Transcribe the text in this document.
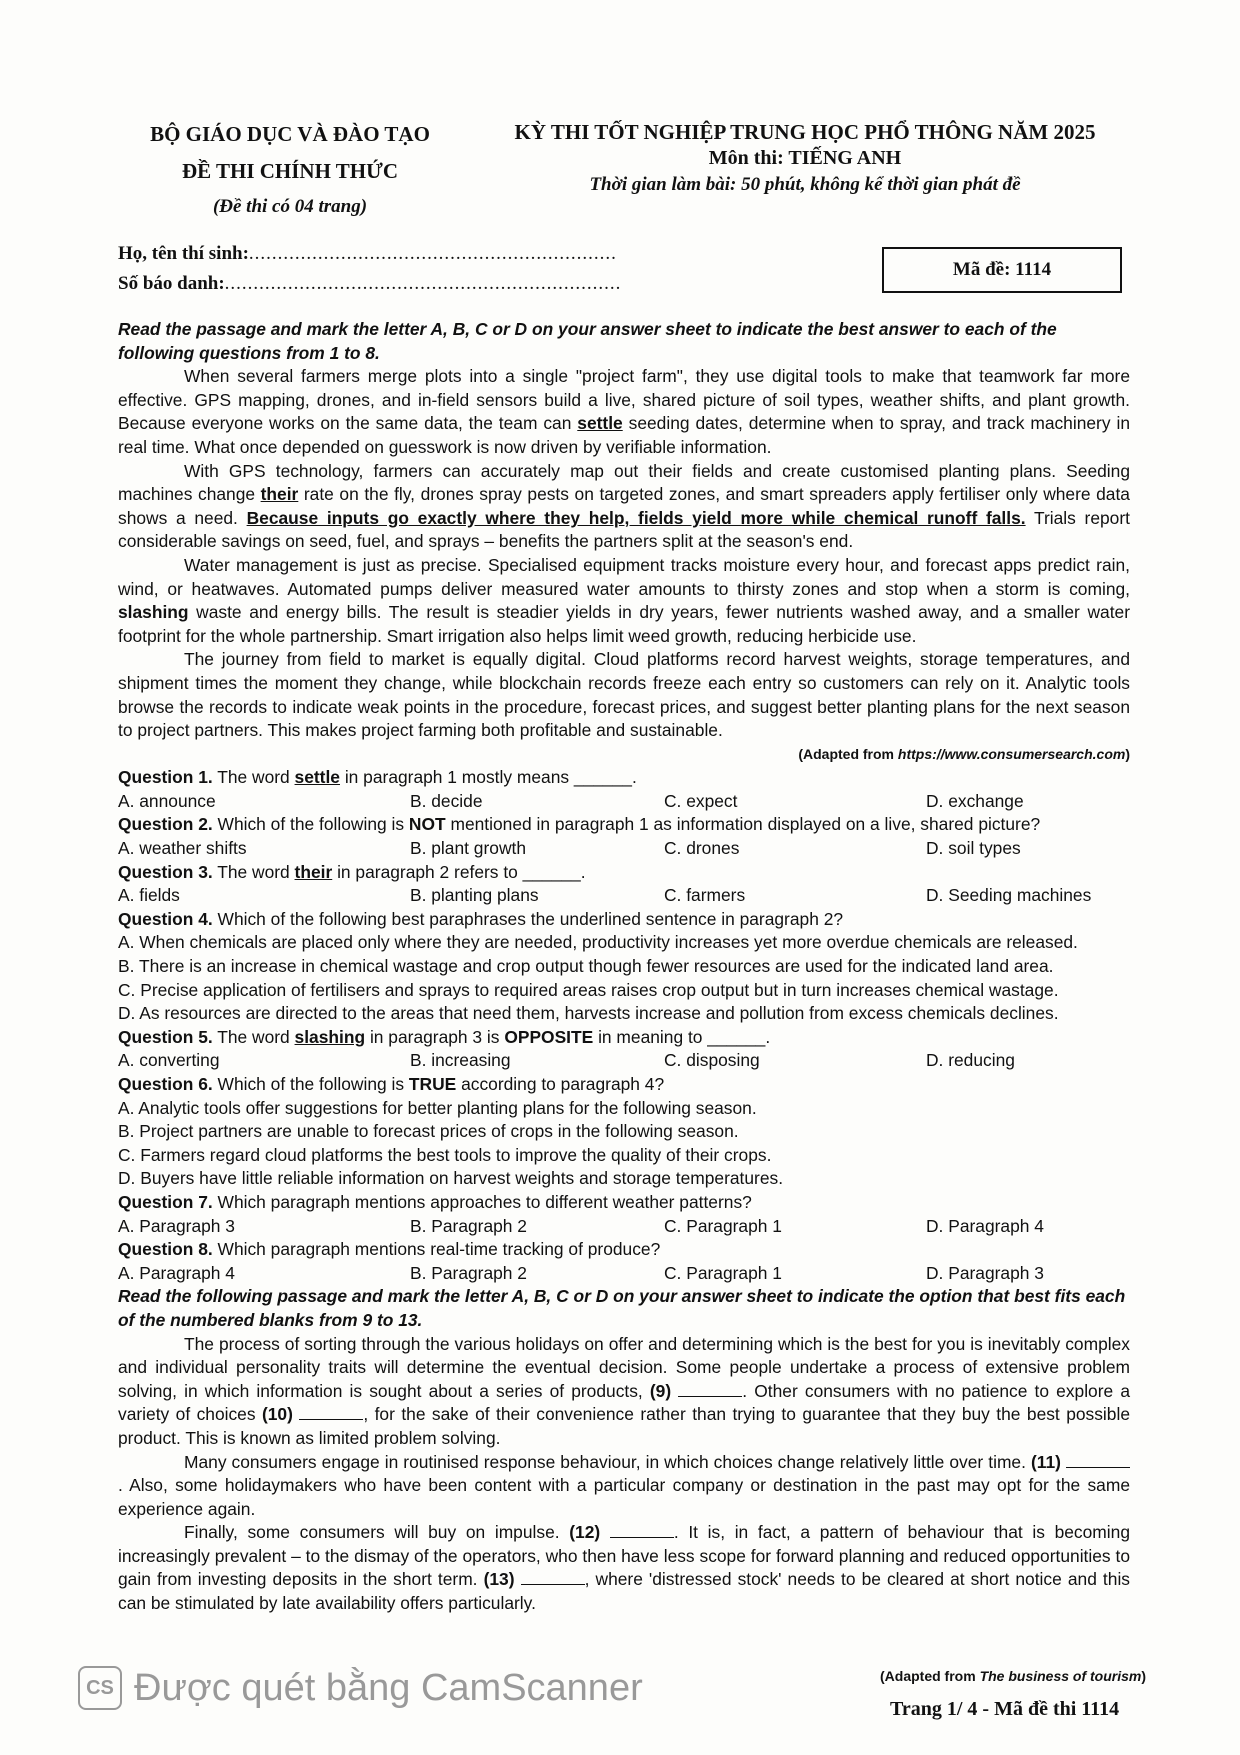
BỘ GIÁO DỤC VÀ ĐÀO TẠO
ĐỀ THI CHÍNH THỨC
(Đề thi có 04 trang)
KỲ THI TỐT NGHIỆP TRUNG HỌC PHỔ THÔNG NĂM 2025
Môn thi: TIẾNG ANH
Thời gian làm bài: 50 phút, không kể thời gian phát đề
Họ, tên thí sinh:................................................................
Số báo danh:.....................................................................
Mã đề: 1114

Read the passage and mark the letter A, B, C or D on your answer sheet to indicate the best answer to each of the following questions from 1 to 8.

When several farmers merge plots into a single "project farm", they use digital tools to make that teamwork far more effective. GPS mapping, drones, and in-field sensors build a live, shared picture of soil types, weather shifts, and plant growth. Because everyone works on the same data, the team can settle seeding dates, determine when to spray, and track machinery in real time. What once depended on guesswork is now driven by verifiable information.

With GPS technology, farmers can accurately map out their fields and create customised planting plans. Seeding machines change their rate on the fly, drones spray pests on targeted zones, and smart spreaders apply fertiliser only where data shows a need. Because inputs go exactly where they help, fields yield more while chemical runoff falls. Trials report considerable savings on seed, fuel, and sprays – benefits the partners split at the season's end.

Water management is just as precise. Specialised equipment tracks moisture every hour, and forecast apps predict rain, wind, or heatwaves. Automated pumps deliver measured water amounts to thirsty zones and stop when a storm is coming, slashing waste and energy bills. The result is steadier yields in dry years, fewer nutrients washed away, and a smaller water footprint for the whole partnership. Smart irrigation also helps limit weed growth, reducing herbicide use.

The journey from field to market is equally digital. Cloud platforms record harvest weights, storage temperatures, and shipment times the moment they change, while blockchain records freeze each entry so customers can rely on it. Analytic tools browse the records to indicate weak points in the procedure, forecast prices, and suggest better planting plans for the next season to project partners. This makes project farming both profitable and sustainable.

(Adapted from https://www.consumersearch.com)

Question 1. The word settle in paragraph 1 mostly means ______.

A. announce	B. decide	C. expect	D. exchange

Question 2. Which of the following is NOT mentioned in paragraph 1 as information displayed on a live, shared picture?

A. weather shifts	B. plant growth	C. drones	D. soil types

Question 3. The word their in paragraph 2 refers to ______.

A. fields	B. planting plans	C. farmers	D. Seeding machines

Question 4. Which of the following best paraphrases the underlined sentence in paragraph 2?

A. When chemicals are placed only where they are needed, productivity increases yet more overdue chemicals are released.

B. There is an increase in chemical wastage and crop output though fewer resources are used for the indicated land area.

C. Precise application of fertilisers and sprays to required areas raises crop output but in turn increases chemical wastage.

D. As resources are directed to the areas that need them, harvests increase and pollution from excess chemicals declines.

Question 5. The word slashing in paragraph 3 is OPPOSITE in meaning to ______.

A. converting	B. increasing	C. disposing	D. reducing

Question 6. Which of the following is TRUE according to paragraph 4?

A. Analytic tools offer suggestions for better planting plans for the following season.

B. Project partners are unable to forecast prices of crops in the following season.

C. Farmers regard cloud platforms the best tools to improve the quality of their crops.

D. Buyers have little reliable information on harvest weights and storage temperatures.

Question 7. Which paragraph mentions approaches to different weather patterns?

A. Paragraph 3	B. Paragraph 2	C. Paragraph 1	D. Paragraph 4

Question 8. Which paragraph mentions real-time tracking of produce?

A. Paragraph 4	B. Paragraph 2	C. Paragraph 1	D. Paragraph 3

Read the following passage and mark the letter A, B, C or D on your answer sheet to indicate the option that best fits each of the numbered blanks from 9 to 13.

The process of sorting through the various holidays on offer and determining which is the best for you is inevitably complex and individual personality traits will determine the eventual decision. Some people undertake a process of extensive problem solving, in which information is sought about a series of products, (9)	. Other consumers with no patience to explore a variety of choices (10)	, for the sake of their convenience rather than trying to guarantee that they buy the best possible product. This is known as limited problem solving.

Many consumers engage in routinised response behaviour, in which choices change relatively little over time. (11) . Also, some holidaymakers who have been content with a particular company or destination in the past may opt for the same experience again.

Finally, some consumers will buy on impulse. (12)	. It is, in fact, a pattern of behaviour that is becoming increasingly prevalent – to the dismay of the operators, who then have less scope for forward planning and reduced opportunities to gain from investing deposits in the short term. (13)	, where 'distressed stock' needs to be cleared at short notice and this can be stimulated by late availability offers particularly.

CS Được quét bằng CamScanner	(Adapted from The business of tourism)
Trang 1/ 4 - Mã đề thi 1114
